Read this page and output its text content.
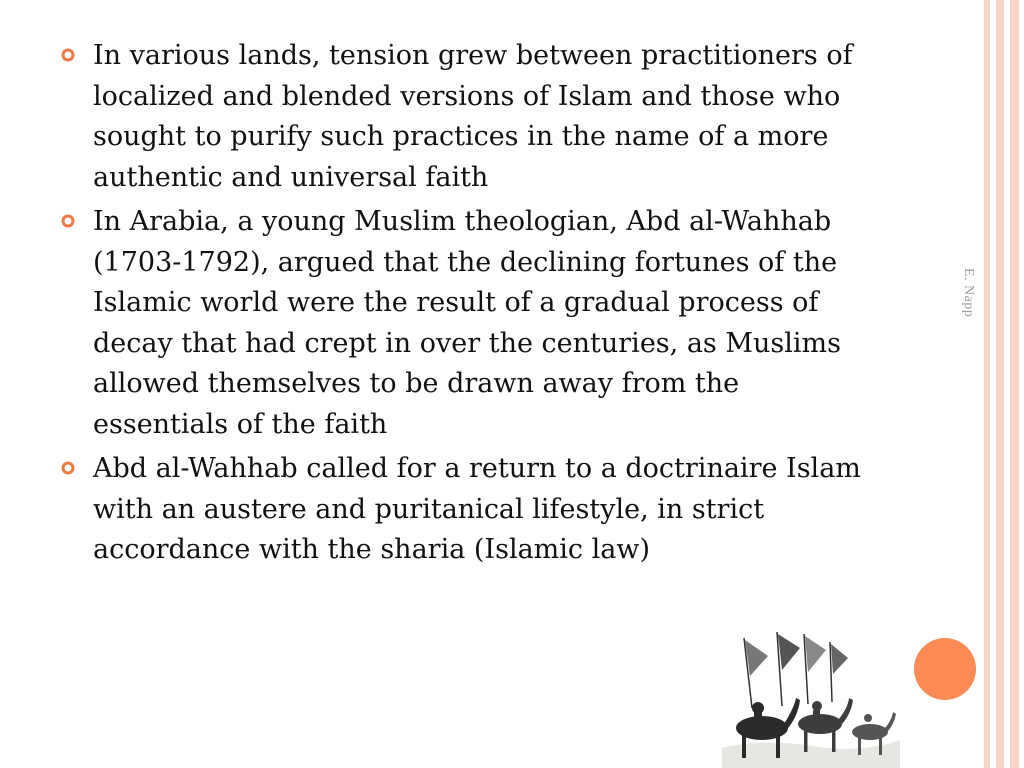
E. Napp
In various lands, tension grew between practitioners of localized and blended versions of Islam and those who sought to purify such practices in the name of a more authentic and universal faith
In Arabia, a young Muslim theologian, Abd al-Wahhab (1703-1792), argued that the declining fortunes of the Islamic world were the result of a gradual process of decay that had crept in over the centuries, as Muslims allowed themselves to be drawn away from the essentials of the faith
Abd al-Wahhab called for a return to a doctrinaire Islam with an austere and puritanical lifestyle, in strict accordance with the sharia (Islamic law)
